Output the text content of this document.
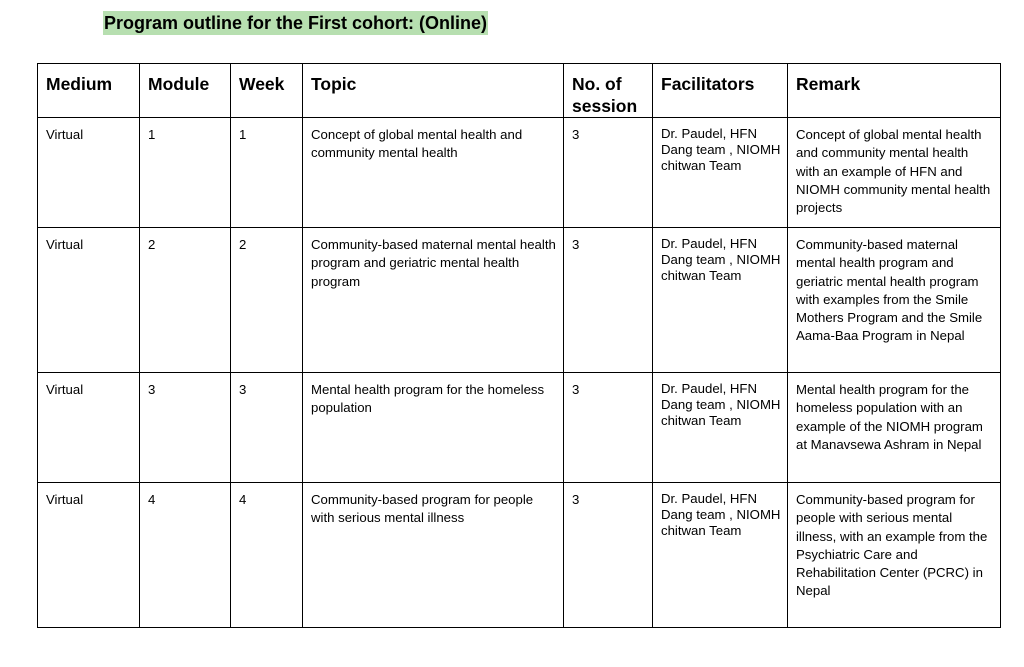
Program outline for the First cohort: (Online)
Medium	Module	Week	Topic	No. of session	Facilitators	Remark
Virtual	1	1	Concept of global mental health and community mental health	3	Dr. Paudel, HFN Dang team , NIOMH chitwan Team	Concept of global mental health and community mental health with an example of HFN and NIOMH community mental health projects
Virtual	2	2	Community-based maternal mental health program and geriatric mental health program	3	Dr. Paudel, HFN Dang team , NIOMH chitwan Team	Community-based maternal mental health program and geriatric mental health program with examples from the Smile Mothers Program and the Smile Aama-Baa Program in Nepal
Virtual	3	3	Mental health program for the homeless population	3	Dr. Paudel, HFN Dang team , NIOMH chitwan Team	Mental health program for the homeless population with an example of the NIOMH program at Manavsewa Ashram in Nepal
Virtual	4	4	Community-based program for people with serious mental illness	3	Dr. Paudel, HFN Dang team , NIOMH chitwan Team	Community-based program for people with serious mental illness, with an example from the Psychiatric Care and Rehabilitation Center (PCRC) in Nepal
